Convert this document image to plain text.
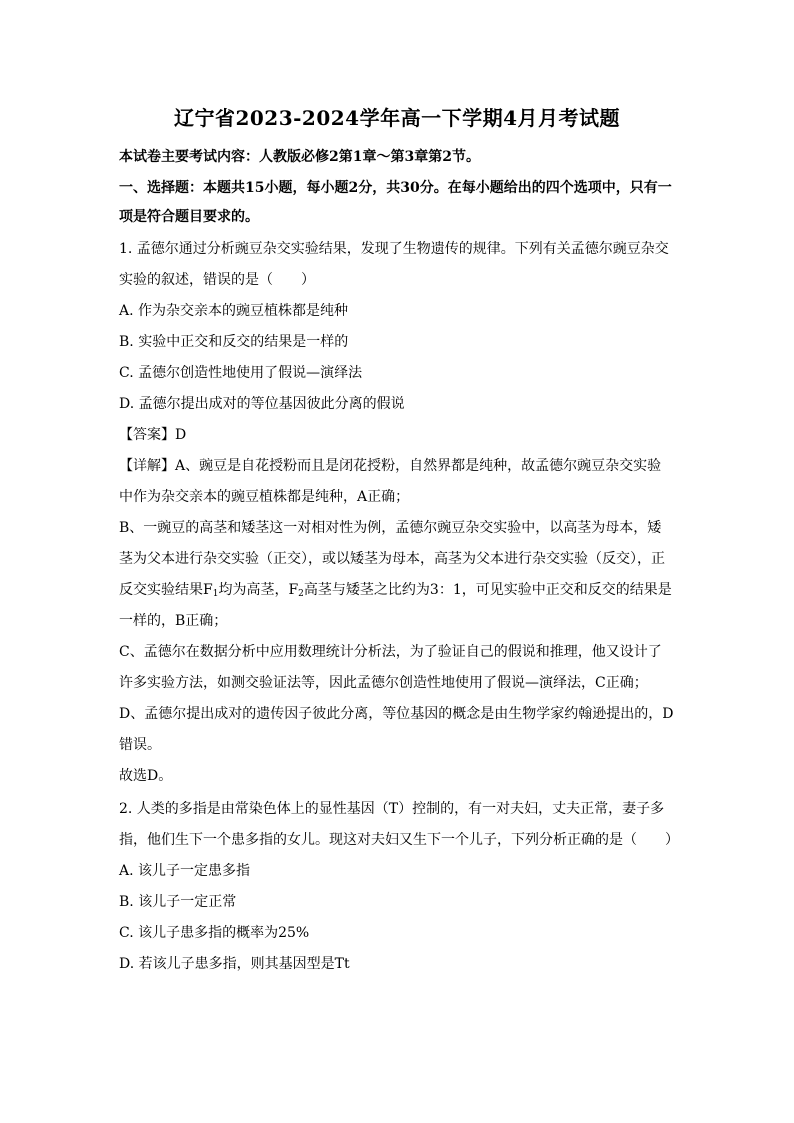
辽宁省2023-2024学年高一下学期4月月考试题

本试卷主要考试内容：人教版必修2第1章～第3章第2节。

一、选择题：本题共15小题，每小题2分，共30分。在每小题给出的四个选项中，只有一项是符合题目要求的。

1. 孟德尔通过分析豌豆杂交实验结果，发现了生物遗传的规律。下列有关孟德尔豌豆杂交实验的叙述，错误的是（　　）

A. 作为杂交亲本的豌豆植株都是纯种

B. 实验中正交和反交的结果是一样的

C. 孟德尔创造性地使用了假说—演绎法

D. 孟德尔提出成对的等位基因彼此分离的假说

【答案】D

【详解】A、豌豆是自花授粉而且是闭花授粉，自然界都是纯种，故孟德尔豌豆杂交实验中作为杂交亲本的豌豆植株都是纯种，A正确；

B、一豌豆的高茎和矮茎这一对相对性为例，孟德尔豌豆杂交实验中，以高茎为母本，矮茎为父本进行杂交实验（正交），或以矮茎为母本，高茎为父本进行杂交实验（反交），正反交实验结果$F_1$均为高茎，$F_2$高茎与矮茎之比约为3：1，可见实验中正交和反交的结果是一样的，B正确；

C、孟德尔在数据分析中应用数理统计分析法，为了验证自己的假说和推理，他又设计了许多实验方法，如测交验证法等，因此孟德尔创造性地使用了假说—演绎法，C正确；

D、孟德尔提出成对的遗传因子彼此分离，等位基因的概念是由生物学家约翰逊提出的，D错误。

故选D。

2. 人类的多指是由常染色体上的显性基因（T）控制的，有一对夫妇，丈夫正常，妻子多指，他们生下一个患多指的女儿。现这对夫妇又生下一个儿子，下列分析正确的是（　　）

A. 该儿子一定患多指

B. 该儿子一定正常

C. 该儿子患多指的概率为25%

D. 若该儿子患多指，则其基因型是Tt
